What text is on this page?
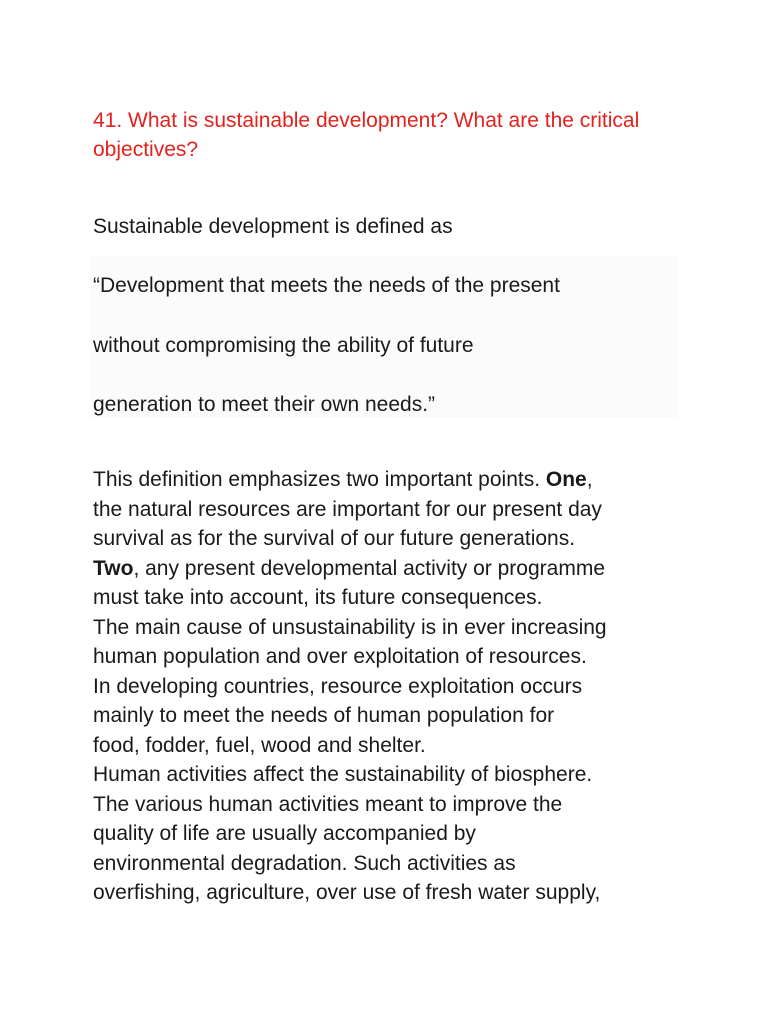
41. What is sustainable development? What are the critical objectives?

Sustainable development is defined as

“Development that meets the needs of the present

without compromising the ability of future

generation to meet their own needs.”

This definition emphasizes two important points. One,

the natural resources are important for our present day

survival as for the survival of our future generations.

Two, any present developmental activity or programme

must take into account, its future consequences.

The main cause of unsustainability is in ever increasing

human population and over exploitation of resources.

In developing countries, resource exploitation occurs

mainly to meet the needs of human population for

food, fodder, fuel, wood and shelter.

Human activities affect the sustainability of biosphere.

The various human activities meant to improve the

quality of life are usually accompanied by

environmental degradation. Such activities as

overfishing, agriculture, over use of fresh water supply,
